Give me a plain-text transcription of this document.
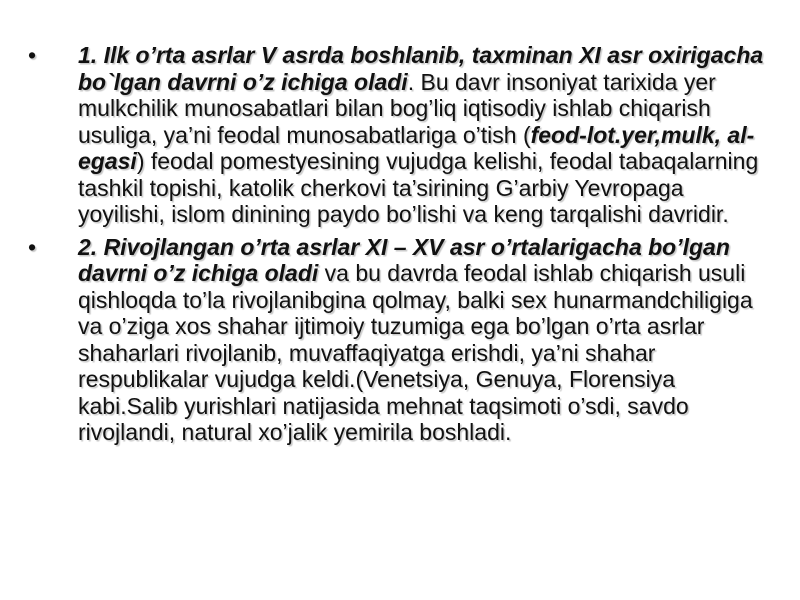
• 1. Ilk o’rta asrlar V asrda boshlanib, taxminan XI asr oxirigacha bo`lgan davrni o’z ichiga oladi. Bu davr insoniyat tarixida yer mulkchilik munosabatlari bilan bog’liq iqtisodiy ishlab chiqarish usuliga, ya’ni feodal munosabatlariga o’tish (feod-lot.yer,mulk, al-egasi) feodal pomestyesining vujudga kelishi, feodal tabaqalarning tashkil topishi, katolik cherkovi ta’sirining G’arbiy Yevropaga yoyilishi, islom dinining paydo bo’lishi va keng tarqalishi davridir.
• 2. Rivojlangan o’rta asrlar XI – XV asr o’rtalarigacha bo’lgan davrni o’z ichiga oladi va bu davrda feodal ishlab chiqarish usuli qishloqda to’la rivojlanibgina qolmay, balki sex hunarmandchiligiga va o’ziga xos shahar ijtimoiy tuzumiga ega bo’lgan o’rta asrlar shaharlari rivojlanib, muvaffaqiyatga erishdi, ya’ni shahar respublikalar vujudga keldi.(Venetsiya, Genuya, Florensiya kabi.Salib yurishlari natijasida mehnat taqsimoti o’sdi, savdo rivojlandi, natural xo’jalik yemirila boshladi.
